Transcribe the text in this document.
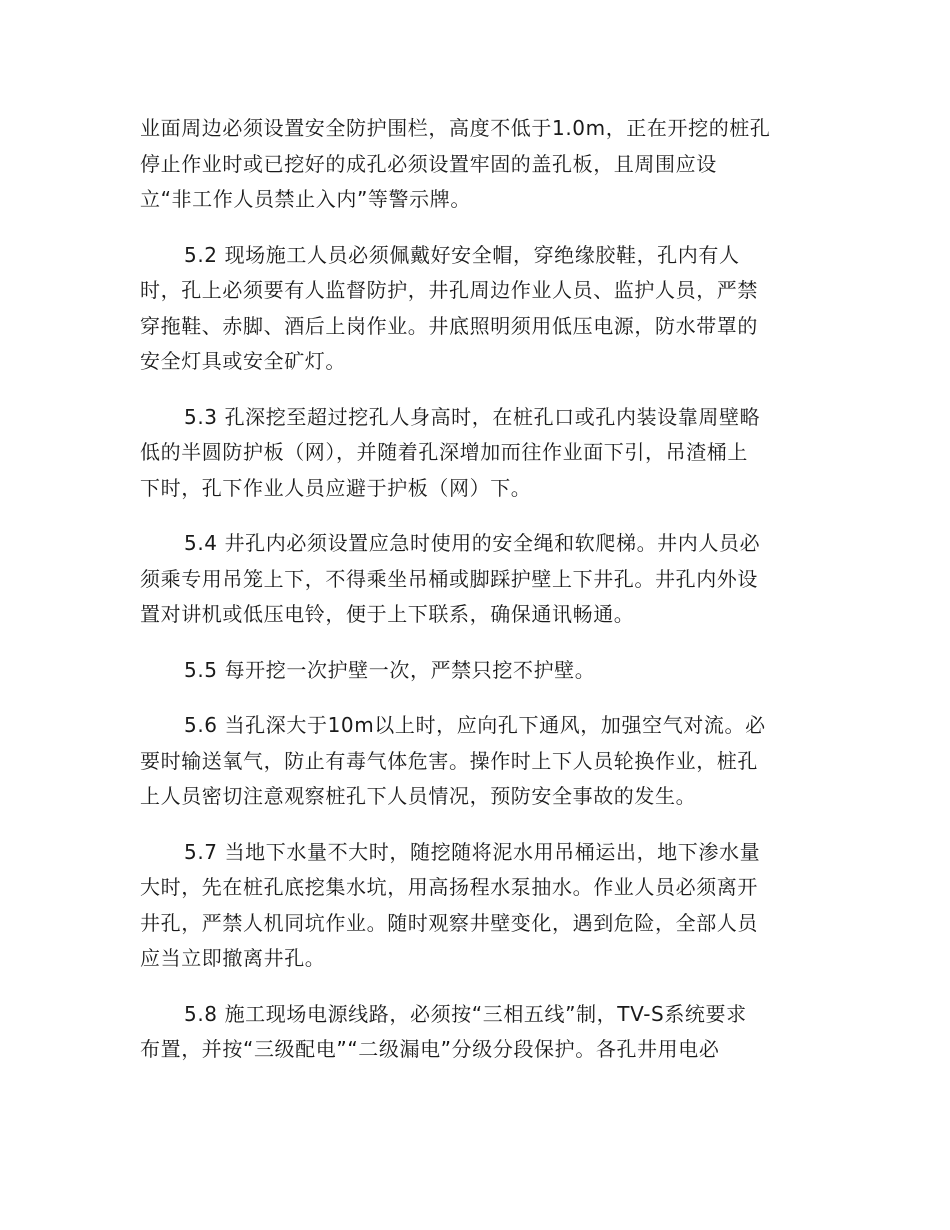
业面周边必须设置安全防护围栏，高度不低于1.0m，正在开挖的桩孔
停止作业时或已挖好的成孔必须设置牢固的盖孔板，且周围应设
立“非工作人员禁止入内”等警示牌。
5.2 现场施工人员必须佩戴好安全帽，穿绝缘胶鞋，孔内有人
时，孔上必须要有人监督防护，井孔周边作业人员、监护人员，严禁
穿拖鞋、赤脚、酒后上岗作业。井底照明须用低压电源，防水带罩的
安全灯具或安全矿灯。
5.3 孔深挖至超过挖孔人身高时，在桩孔口或孔内装设靠周壁略
低的半圆防护板（网），并随着孔深增加而往作业面下引，吊渣桶上
下时，孔下作业人员应避于护板（网）下。
5.4 井孔内必须设置应急时使用的安全绳和软爬梯。井内人员必
须乘专用吊笼上下，不得乘坐吊桶或脚踩护壁上下井孔。井孔内外设
置对讲机或低压电铃，便于上下联系，确保通讯畅通。
5.5 每开挖一次护壁一次，严禁只挖不护壁。
5.6 当孔深大于10m以上时，应向孔下通风，加强空气对流。必
要时输送氧气，防止有毒气体危害。操作时上下人员轮换作业，桩孔
上人员密切注意观察桩孔下人员情况，预防安全事故的发生。
5.7 当地下水量不大时，随挖随将泥水用吊桶运出，地下渗水量
大时，先在桩孔底挖集水坑，用高扬程水泵抽水。作业人员必须离开
井孔，严禁人机同坑作业。随时观察井壁变化，遇到危险，全部人员
应当立即撤离井孔。
5.8 施工现场电源线路，必须按“三相五线”制，TV-S系统要求
布置，并按“三级配电”“二级漏电”分级分段保护。各孔井用电必
